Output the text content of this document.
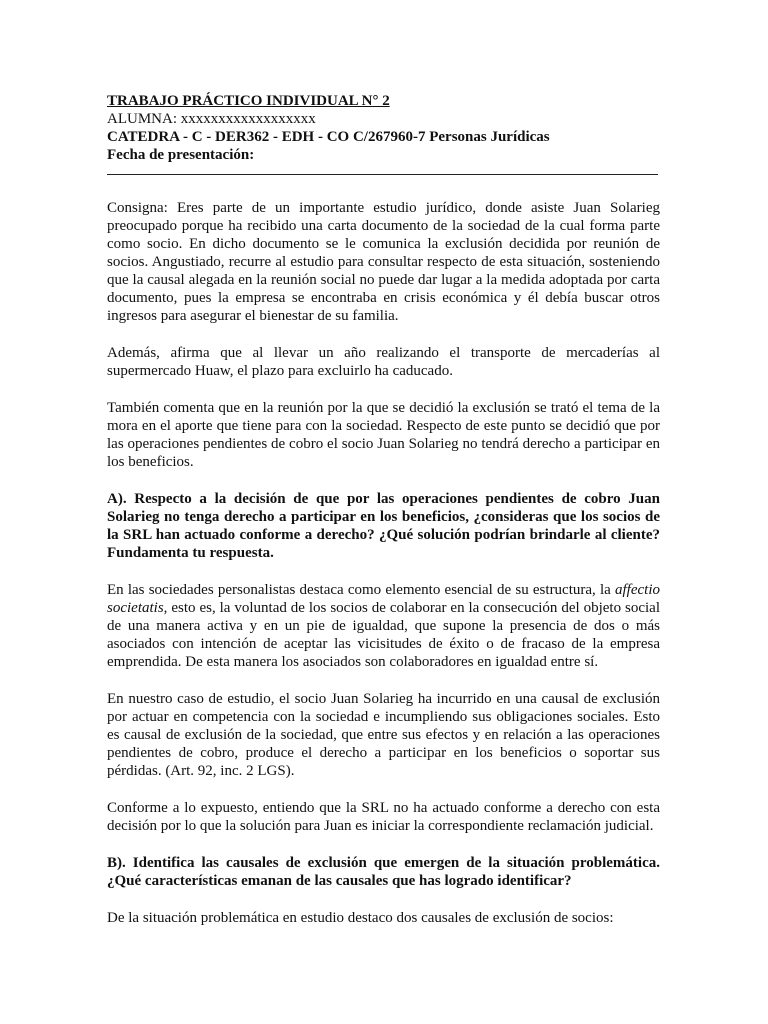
TRABAJO PRÁCTICO INDIVIDUAL N° 2
ALUMNA: xxxxxxxxxxxxxxxxxx
CATEDRA - C - DER362 - EDH - CO C/267960-7 Personas Jurídicas
Fecha de presentación:

Consigna: Eres parte de un importante estudio jurídico, donde asiste Juan Solarieg preocupado porque ha recibido una carta documento de la sociedad de la cual forma parte como socio. En dicho documento se le comunica la exclusión decidida por reunión de socios. Angustiado, recurre al estudio para consultar respecto de esta situación, sosteniendo que la causal alegada en la reunión social no puede dar lugar a la medida adoptada por carta documento, pues la empresa se encontraba en crisis económica y él debía buscar otros ingresos para asegurar el bienestar de su familia.

Además, afirma que al llevar un año realizando el transporte de mercaderías al supermercado Huaw, el plazo para excluirlo ha caducado.

También comenta que en la reunión por la que se decidió la exclusión se trató el tema de la mora en el aporte que tiene para con la sociedad. Respecto de este punto se decidió que por las operaciones pendientes de cobro el socio Juan Solarieg no tendrá derecho a participar en los beneficios.

A). Respecto a la decisión de que por las operaciones pendientes de cobro Juan Solarieg no tenga derecho a participar en los beneficios, ¿consideras que los socios de la SRL han actuado conforme a derecho? ¿Qué solución podrían brindarle al cliente? Fundamenta tu respuesta.

En las sociedades personalistas destaca como elemento esencial de su estructura, la affectio societatis, esto es, la voluntad de los socios de colaborar en la consecución del objeto social de una manera activa y en un pie de igualdad, que supone la presencia de dos o más asociados con intención de aceptar las vicisitudes de éxito o de fracaso de la empresa emprendida. De esta manera los asociados son colaboradores en igualdad entre sí.

En nuestro caso de estudio, el socio Juan Solarieg ha incurrido en una causal de exclusión por actuar en competencia con la sociedad e incumpliendo sus obligaciones sociales. Esto es causal de exclusión de la sociedad, que entre sus efectos y en relación a las operaciones pendientes de cobro, produce el derecho a participar en los beneficios o soportar sus pérdidas. (Art. 92, inc. 2 LGS).

Conforme a lo expuesto, entiendo que la SRL no ha actuado conforme a derecho con esta decisión por lo que la solución para Juan es iniciar la correspondiente reclamación judicial.

B). Identifica las causales de exclusión que emergen de la situación problemática. ¿Qué características emanan de las causales que has logrado identificar?

De la situación problemática en estudio destaco dos causales de exclusión de socios:
